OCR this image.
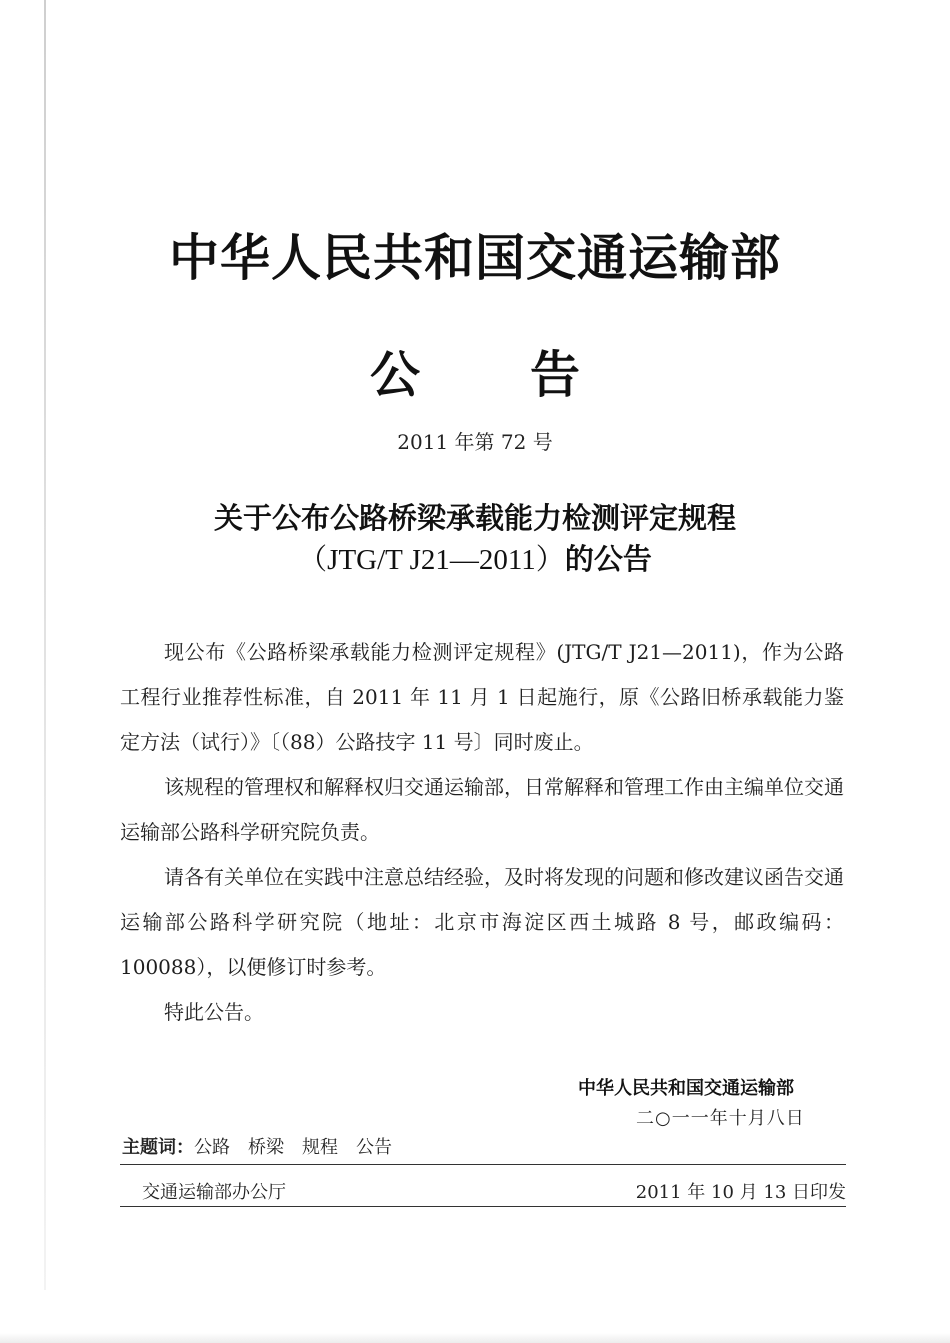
中华人民共和国交通运输部
公告
2011 年第 72 号
关于公布公路桥梁承载能力检测评定规程
（JTG/T J21—2011）的公告

现公布《公路桥梁承载能力检测评定规程》(JTG/T J21—2011)，作为公路工程行业推荐性标准，自 2011 年 11 月 1 日起施行，原《公路旧桥承载能力鉴定方法（试行）》〔（88）公路技字 11 号〕同时废止。

该规程的管理权和解释权归交通运输部，日常解释和管理工作由主编单位交通运输部公路科学研究院负责。

请各有关单位在实践中注意总结经验，及时将发现的问题和修改建议函告交通运输部公路科学研究院（地址：北京市海淀区西土城路 8 号，邮政编码：100088），以便修订时参考。

特此公告。

中华人民共和国交通运输部
二○一一年十月八日
主题词：公路 桥梁 规程 公告
交通运输部办公厅	2011 年 10 月 13 日印发
